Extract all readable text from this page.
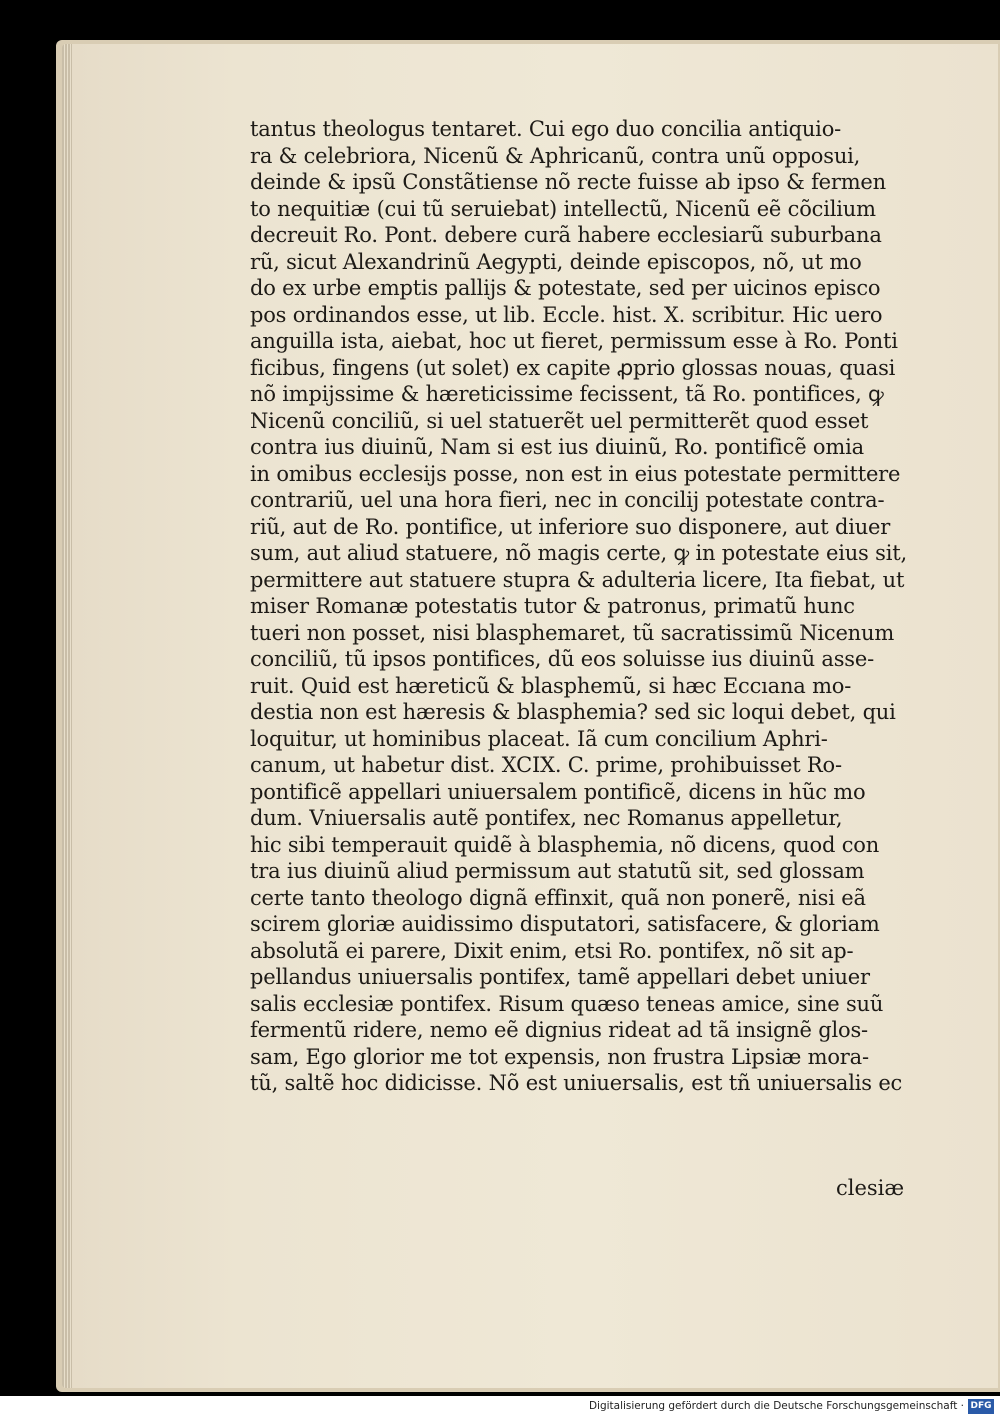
tantus theologus tentaret. Cui ego duo concilia antiquio-
ra & celebriora, Nicenũ & Aphricanũ, contra unũ opposui,
deinde & ipsũ Constãtiense nõ recte fuisse ab ipso & fermen
to nequitiæ (cui tũ seruiebat) intellectũ, Nicenũ eẽ cõcilium
decreuit Ro. Pont. debere curã habere ecclesiarũ suburbana
rũ, sicut Alexandrinũ Aegypti, deinde episcopos, nõ, ut mo
do ex urbe emptis pallijs & potestate, sed per uicinos episco
pos ordinandos esse, ut lib. Eccle. hist. X. scribitur. Hic uero
anguilla ista, aiebat, hoc ut fieret, permissum esse à Ro. Ponti
ficibus, fingens (ut solet) ex capite ꝓprio glossas nouas, quasi
nõ impijssime & hæreticissime fecissent, tã Ro. pontifices, ꝙ
Nicenũ conciliũ, si uel statuerẽt uel permitterẽt quod esset
contra ius diuinũ, Nam si est ius diuinũ, Ro. pontificẽ omia
in omibus ecclesijs posse, non est in eius potestate permittere
contrariũ, uel una hora fieri, nec in concilij potestate contra-
riũ, aut de Ro. pontifice, ut inferiore suo disponere, aut diuer
sum, aut aliud statuere, nõ magis certe, ꝙ in potestate eius sit,
permittere aut statuere stupra & adulteria licere, Ita fiebat, ut
miser Romanæ potestatis tutor & patronus, primatũ hunc
tueri non posset, nisi blasphemaret, tũ sacratissimũ Nicenum
conciliũ, tũ ipsos pontifices, dũ eos soluisse ius diuinũ asse-
ruit. Quid est hæreticũ & blasphemũ, si hæc Eccıana mo-
destia non est hæresis & blasphemia? sed sic loqui debet, qui
loquitur, ut hominibus placeat. Iã cum concilium Aphri-
canum, ut habetur dist. XCIX. C. prime, prohibuisset Ro-
pontificẽ appellari uniuersalem pontificẽ, dicens in hũc mo
dum. Vniuersalis autẽ pontifex, nec Romanus appelletur,
hic sibi temperauit quidẽ à blasphemia, nõ dicens, quod con
tra ius diuinũ aliud permissum aut statutũ sit, sed glossam
certe tanto theologo dignã effinxit, quã non ponerẽ, nisi eã
scirem gloriæ auidissimo disputatori, satisfacere, & gloriam
absolutã ei parere, Dixit enim, etsi Ro. pontifex, nõ sit ap-
pellandus uniuersalis pontifex, tamẽ appellari debet uniuer
salis ecclesiæ pontifex. Risum quæso teneas amice, sine suũ
fermentũ ridere, nemo eẽ dignius rideat ad tã insignẽ glos-
sam, Ego glorior me tot expensis, non frustra Lipsiæ mora-
tũ, saltẽ hoc didicisse. Nõ est uniuersalis, est tñ uniuersalis ec
clesiæ
Digitalisierung gefördert durch die Deutsche Forschungsgemeinschaft · DFG
